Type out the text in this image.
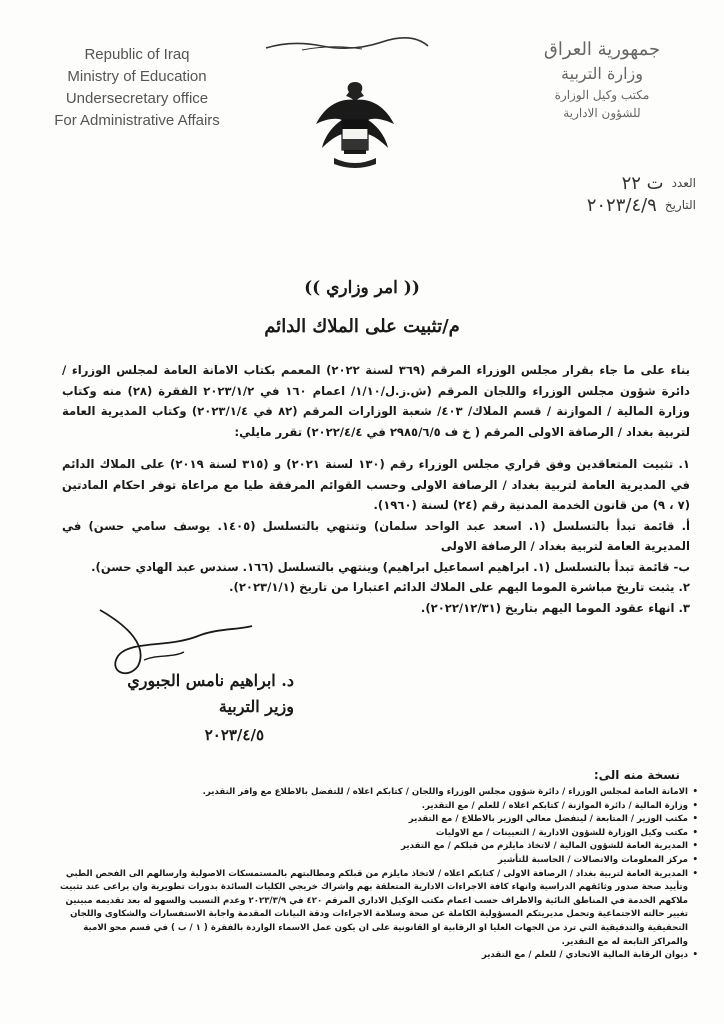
Republic of Iraq
Ministry of Education
Undersecretary office
For Administrative Affairs
جمهورية العراق
وزارة التربية
مكتب وكيل الوزارة
للشؤون الادارية
العدد
ت ٢٢
التاريخ
٢٠٢٣/٤/٩
(( امر وزاري ))
م/تثبيت على الملاك الدائم

بناء على ما جاء بقرار مجلس الوزراء المرقم (٣٦٩ لسنة ٢٠٢٢) المعمم بكتاب الامانة العامة لمجلس الوزراء / دائرة شؤون مجلس الوزراء واللجان المرقم (ش.ز.ل/١/١٠/ اعمام ١٦٠ في ٢٠٢٣/١/٢ الفقرة (٢٨) منه وكتاب وزارة المالية / الموازنة / قسم الملاك/ ٤٠٣/ شعبة الوزارات المرقم (٨٢ في ٢٠٢٣/١/٤) وكتاب المديرية العامة لتربية بغداد / الرصافة الاولى المرقم ( خ ف ٢٩٨٥/٦/٥ في ٢٠٢٢/٤/٤) تقرر مايلي:

١. تثبيت المتعاقدين وفق قراري مجلس الوزراء رقم (١٣٠ لسنة ٢٠٢١) و (٣١٥ لسنة ٢٠١٩) على الملاك الدائم في المديرية العامة لتربية بغداد / الرصافة الاولى وحسب القوائم المرفقة طيا مع مراعاة توفر احكام المادتين (٧ ، ٩) من قانون الخدمة المدنية رقم (٢٤) لسنة (١٩٦٠).

أ. قائمة تبدأ بالتسلسل (١. اسعد عبد الواحد سلمان) وتنتهي بالتسلسل (١٤٠٥. يوسف سامي حسن) في المديرية العامة لتربية بغداد / الرصافة الاولى

ب- قائمة تبدأ بالتسلسل (١. ابراهيم اسماعيل ابراهيم) وينتهي بالتسلسل (١٦٦. سندس عبد الهادي حسن).

٢. يثبت تاريخ مباشرة الموما اليهم على الملاك الدائم اعتبارا من تاريخ (٢٠٢٣/١/١).

٣. انهاء عقود الموما اليهم بتاريخ (٢٠٢٢/١٢/٣١).

د. ابراهيم نامس الجبوري
وزير التربية
٢٠٢٣/٤/٥
نسخة منه الى:
• الامانة العامة لمجلس الوزراء / دائرة شؤون مجلس الوزراء واللجان / كتابكم اعلاه / للتفضل بالاطلاع مع وافر التقدير.
• وزارة المالية / دائرة الموازنة / كتابكم اعلاه / للعلم / مع التقدير.
• مكتب الوزير / المتابعة / ليتفضل معالي الوزير بالاطلاع / مع التقدير
• مكتب وكيل الوزارة للشؤون الادارية / التعيينات / مع الاوليات
• المديرية العامة للشؤون المالية / لاتخاذ مايلزم من قبلكم / مع التقدير
• مركز المعلومات والاتصالات / الحاسبة للتأشير
• المديرية العامة لتربية بغداد / الرصافة الاولى / كتابكم اعلاه / لاتخاذ مايلزم من قبلكم ومطالبتهم بالمستمسكات الاصولية وارسالهم الى الفحص الطبي وتأييد صحة صدور وثائقهم الدراسية وانهاء كافة الاجراءات الادارية المتعلقة بهم واشراك خريجي الكليات السائدة بدورات تطويرية وان يراعى عند تثبيت ملاكهم الخدمة في المناطق النائية والاطراف حسب اعمام مكتب الوكيل الاداري المرقم ٤٢٠ في ٢٠٢٣/٣/٩ وعدم التسبب والسهو له بعد تقديمه مبينين تغيير حالته الاجتماعية وتحمل مديريتكم المسؤولية الكاملة عن صحة وسلامة الاجراءات ودقة البيانات المقدمة واجابة الاستفسارات والشكاوى واللجان التحقيقية والتدقيقية التي ترد من الجهات العليا او الرقابية او القانونية على ان يكون عمل الاسماء الواردة بالفقرة ( ١ / ب ) في قسم محو الامية والمراكز التابعة له مع التقدير.
• ديوان الرقابة المالية الاتحادي / للعلم / مع التقدير
